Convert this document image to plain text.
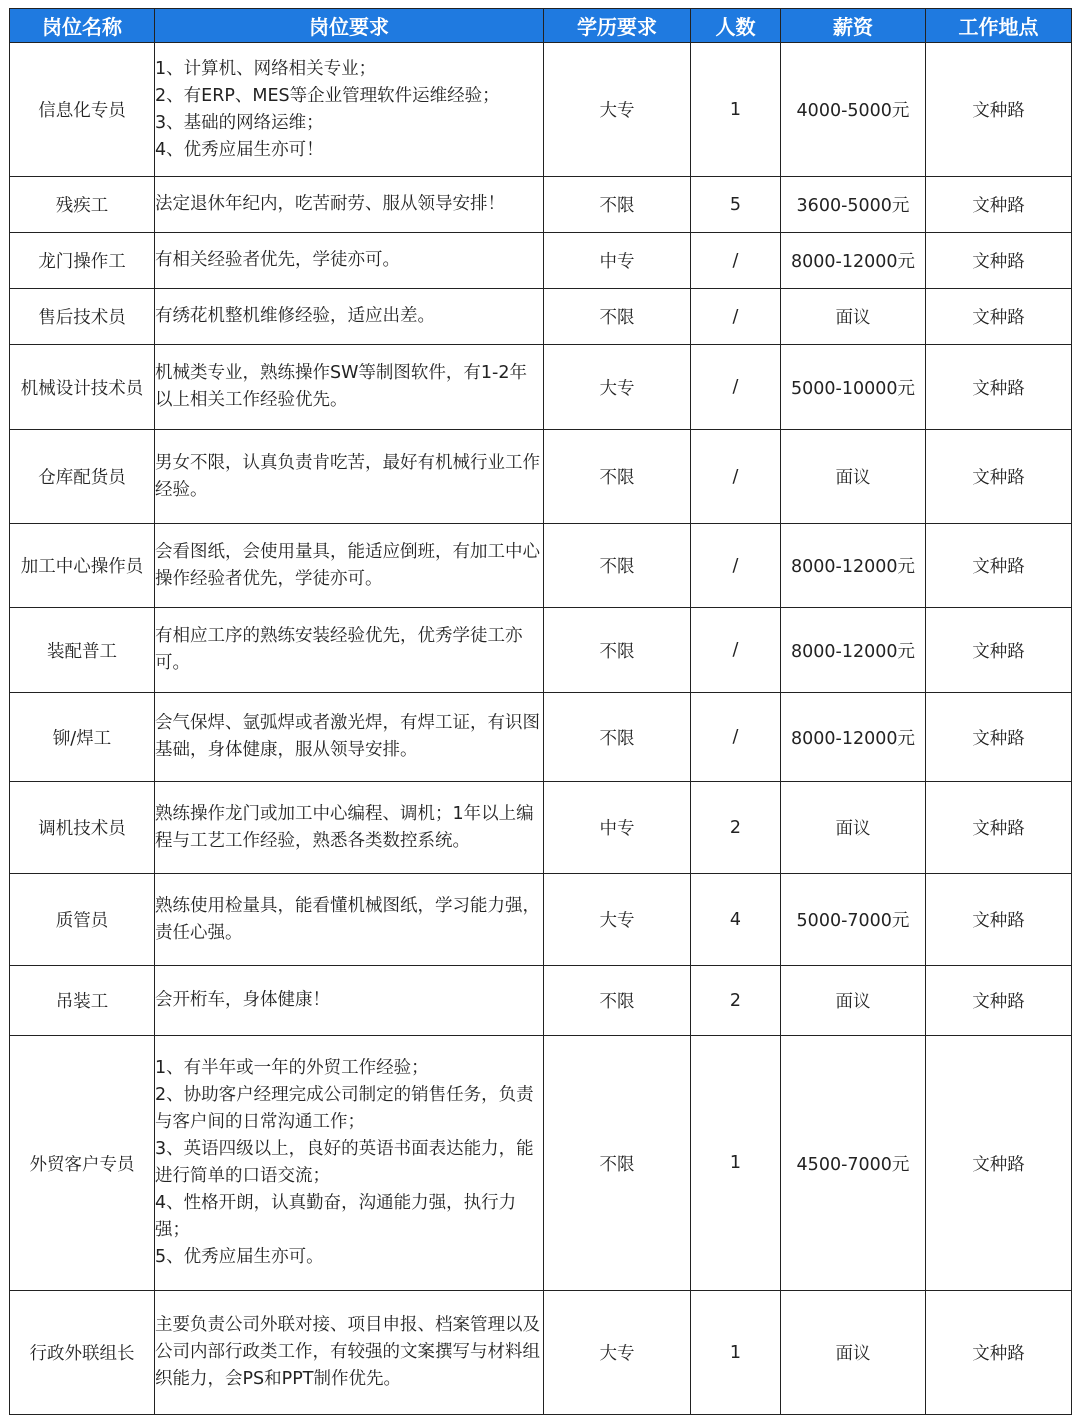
岗位名称	岗位要求	学历要求	人数	薪资	工作地点
信息化专员	1、计算机、网络相关专业；
2、有ERP、MES等企业管理软件运维经验；
3、基础的网络运维；
4、优秀应届生亦可！	大专	1	4000-5000元	文种路
残疾工	法定退休年纪内，吃苦耐劳、服从领导安排！	不限	5	3600-5000元	文种路
龙门操作工	有相关经验者优先，学徒亦可。	中专	/	8000-12000元	文种路
售后技术员	有绣花机整机维修经验，适应出差。	不限	/	面议	文种路
机械设计技术员	机械类专业，熟练操作SW等制图软件，有1-2年以上相关工作经验优先。	大专	/	5000-10000元	文种路
仓库配货员	男女不限，认真负责肯吃苦，最好有机械行业工作经验。	不限	/	面议	文种路
加工中心操作员	会看图纸，会使用量具，能适应倒班，有加工中心操作经验者优先，学徒亦可。	不限	/	8000-12000元	文种路
装配普工	有相应工序的熟练安装经验优先，优秀学徒工亦可。	不限	/	8000-12000元	文种路
铆/焊工	会气保焊、氩弧焊或者激光焊，有焊工证，有识图基础，身体健康，服从领导安排。	不限	/	8000-12000元	文种路
调机技术员	熟练操作龙门或加工中心编程、调机；1年以上编程与工艺工作经验，熟悉各类数控系统。	中专	2	面议	文种路
质管员	熟练使用检量具，能看懂机械图纸，学习能力强，责任心强。	大专	4	5000-7000元	文种路
吊装工	会开桁车，身体健康！	不限	2	面议	文种路
外贸客户专员	1、有半年或一年的外贸工作经验；
2、协助客户经理完成公司制定的销售任务，负责与客户间的日常沟通工作；
3、英语四级以上，良好的英语书面表达能力，能进行简单的口语交流；
4、性格开朗，认真勤奋，沟通能力强，执行力强；
5、优秀应届生亦可。	不限	1	4500-7000元	文种路
行政外联组长	主要负责公司外联对接、项目申报、档案管理以及公司内部行政类工作，有较强的文案撰写与材料组织能力，会PS和PPT制作优先。	大专	1	面议	文种路
